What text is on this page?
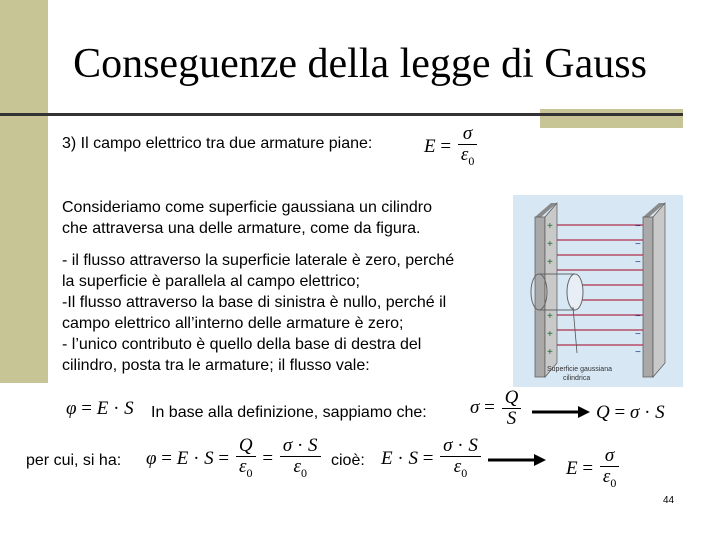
Conseguenze della legge di Gauss
3) Il campo elettrico tra due armature piane:	$E = \frac{\sigma}{\varepsilon_0}$
Consideriamo come superficie gaussiana un cilindro
che attraversa una delle armature, come da figura.
- il flusso attraverso la superficie laterale è zero, perché
la superficie è parallela al campo elettrico;
-Il flusso attraverso la base di sinistra è nullo, perché il
campo elettrico all’interno delle armature è zero;
- l’unico contributo è quello della base di destra del
cilindro, posta tra le armature; il flusso vale:
+
+
+
+
+
+
−
−
−
−
−
−
Superficie gaussiana
cilindrica
φ = E · S In base alla definizione, sappiamo che: $\sigma = \frac{Q}{S}$	Q = σ · S
per cui, si ha: $\varphi = E \cdot S = \frac{Q}{\varepsilon_0} = \frac{\sigma \cdot S}{\varepsilon_0}$ cioè: $E \cdot S = \frac{\sigma \cdot S}{\varepsilon_0}$	$E = \frac{\sigma}{\varepsilon_0}$
44
